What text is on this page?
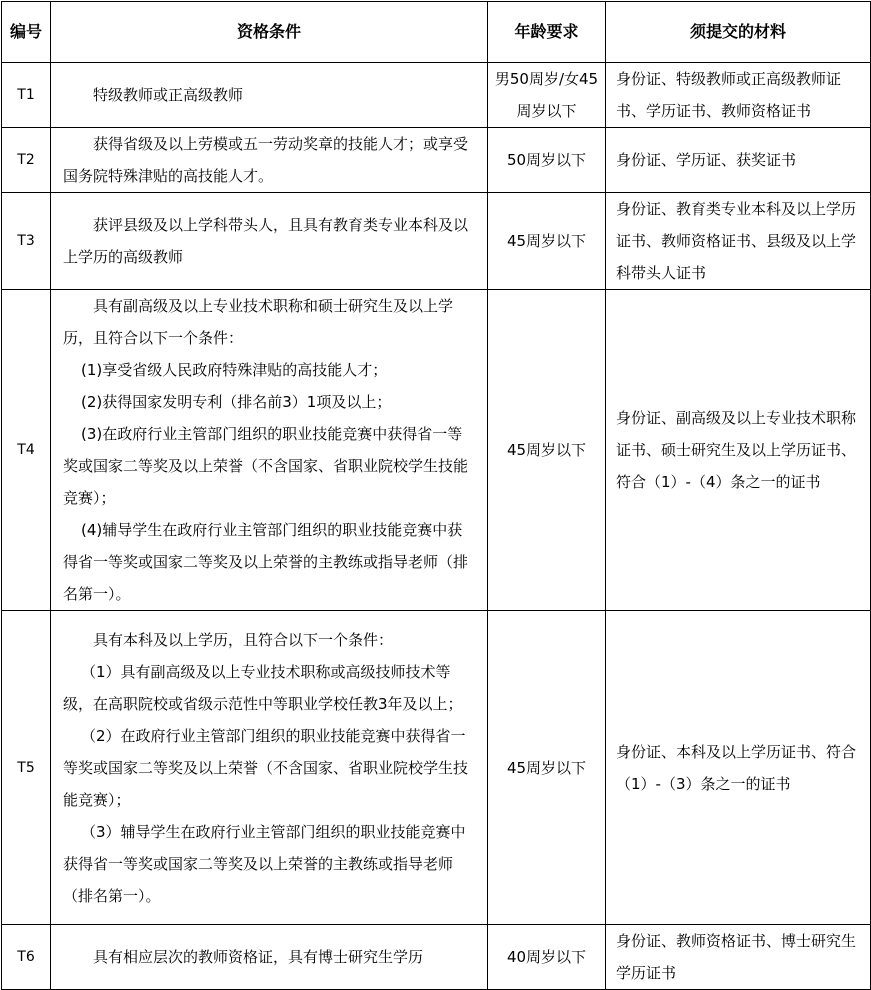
编号	资格条件	年龄要求	须提交的材料
T1	特级教师或正高级教师	男50周岁/女45周岁以下	身份证、特级教师或正高级教师证书、学历证书、教师资格证书
T2	获得省级及以上劳模或五一劳动奖章的技能人才；或享受国务院特殊津贴的高技能人才。	50周岁以下	身份证、学历证、获奖证书
T3	获评县级及以上学科带头人，且具有教育类专业本科及以上学历的高级教师	45周岁以下	身份证、教育类专业本科及以上学历证书、教师资格证书、县级及以上学科带头人证书
T4	具有副高级及以上专业技术职称和硕士研究生及以上学历，且符合以下一个条件：
(1)享受省级人民政府特殊津贴的高技能人才；
(2)获得国家发明专利（排名前3）1项及以上；
(3)在政府行业主管部门组织的职业技能竞赛中获得省一等奖或国家二等奖及以上荣誉（不含国家、省职业院校学生技能竞赛）；
(4)辅导学生在政府行业主管部门组织的职业技能竞赛中获得省一等奖或国家二等奖及以上荣誉的主教练或指导老师（排名第一）。	45周岁以下	身份证、副高级及以上专业技术职称证书、硕士研究生及以上学历证书、符合（1）-（4）条之一的证书
T5	具有本科及以上学历，且符合以下一个条件：
（1）具有副高级及以上专业技术职称或高级技师技术等级，在高职院校或省级示范性中等职业学校任教3年及以上；
（2）在政府行业主管部门组织的职业技能竞赛中获得省一等奖或国家二等奖及以上荣誉（不含国家、省职业院校学生技能竞赛）；
（3）辅导学生在政府行业主管部门组织的职业技能竞赛中获得省一等奖或国家二等奖及以上荣誉的主教练或指导老师（排名第一）。	45周岁以下	身份证、本科及以上学历证书、符合（1）-（3）条之一的证书
T6	具有相应层次的教师资格证，具有博士研究生学历	40周岁以下	身份证、教师资格证书、博士研究生学历证书
